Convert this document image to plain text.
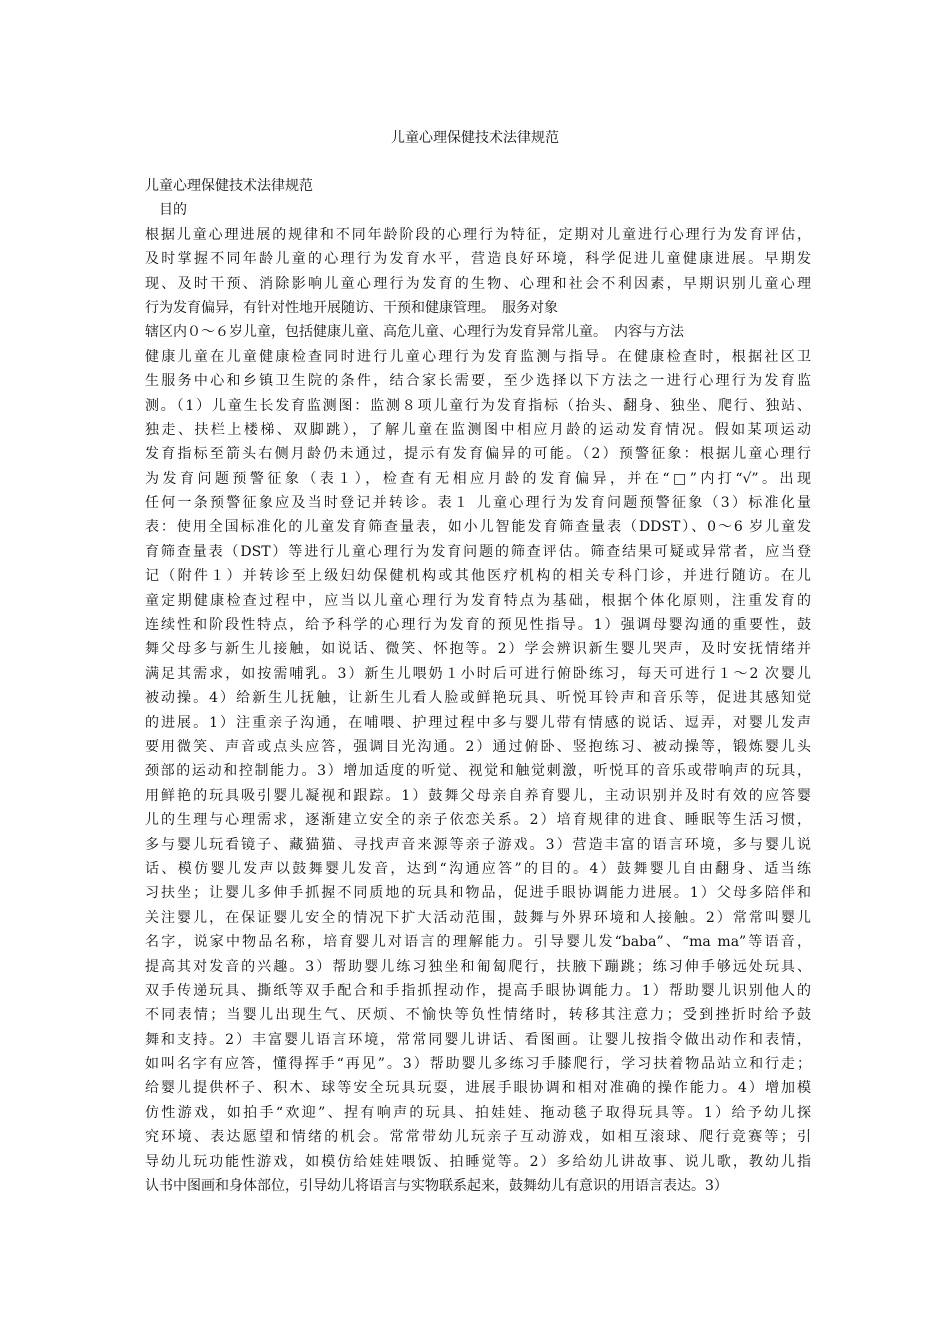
儿童心理保健技术法律规范
儿童心理保健技术法律规范
目的
根据儿童心理进展的规律和不同年龄阶段的心理行为特征，定期对儿童进行心理行为发育评估，
及时掌握不同年龄儿童的心理行为发育水平，营造良好环境，科学促进儿童健康进展。早期发
现、及时干预、消除影响儿童心理行为发育的生物、心理和社会不利因素，早期识别儿童心理
行为发育偏异，有针对性地开展随访、干预和健康管理。　服务对象
辖区内０～６岁儿童，包括健康儿童、高危儿童、心理行为发育异常儿童。　内容与方法
健康儿童在儿童健康检查同时进行儿童心理行为发育监测与指导。在健康检查时，根据社区卫
生服务中心和乡镇卫生院的条件，结合家长需要，至少选择以下方法之一进行心理行为发育监
测。（1）儿童生长发育监测图：监测８项儿童行为发育指标（抬头、翻身、独坐、爬行、独站、
独走、扶栏上楼梯、双脚跳），了解儿童在监测图中相应月龄的运动发育情况。假如某项运动
发育指标至箭头右侧月龄仍未通过，提示有发育偏异的可能。（2）预警征象：根据儿童心理行
为发育问题预警征象（表１），检查有无相应月龄的发育偏异，并在“□”内打“√”。出现
任何一条预警征象应及当时登记并转诊。表１ 儿童心理行为发育问题预警征象（3）标准化量
表：使用全国标准化的儿童发育筛查量表，如小儿智能发育筛查量表（DDST）、0～6 岁儿童发
育筛查量表（DST）等进行儿童心理行为发育问题的筛查评估。筛查结果可疑或异常者，应当登
记（附件１）并转诊至上级妇幼保健机构或其他医疗机构的相关专科门诊，并进行随访。在儿
童定期健康检查过程中，应当以儿童心理行为发育特点为基础，根据个体化原则，注重发育的
连续性和阶段性特点，给予科学的心理行为发育的预见性指导。1）强调母婴沟通的重要性，鼓
舞父母多与新生儿接触，如说话、微笑、怀抱等。2）学会辨识新生婴儿哭声，及时安抚情绪并
满足其需求，如按需哺乳。3）新生儿喂奶１小时后可进行俯卧练习，每天可进行１～2 次婴儿
被动操。4）给新生儿抚触，让新生儿看人脸或鲜艳玩具、听悦耳铃声和音乐等，促进其感知觉
的进展。1）注重亲子沟通，在哺喂、护理过程中多与婴儿带有情感的说话、逗弄，对婴儿发声
要用微笑、声音或点头应答，强调目光沟通。2）通过俯卧、竖抱练习、被动操等，锻炼婴儿头
颈部的运动和控制能力。3）增加适度的听觉、视觉和触觉刺激，听悦耳的音乐或带响声的玩具，
用鲜艳的玩具吸引婴儿凝视和跟踪。1）鼓舞父母亲自养育婴儿，主动识别并及时有效的应答婴
儿的生理与心理需求，逐渐建立安全的亲子依恋关系。2）培育规律的进食、睡眠等生活习惯，
多与婴儿玩看镜子、藏猫猫、寻找声音来源等亲子游戏。3）营造丰富的语言环境，多与婴儿说
话、模仿婴儿发声以鼓舞婴儿发音，达到“沟通应答”的目的。4）鼓舞婴儿自由翻身、适当练
习扶坐；让婴儿多伸手抓握不同质地的玩具和物品，促进手眼协调能力进展。1）父母多陪伴和
关注婴儿，在保证婴儿安全的情况下扩大活动范围，鼓舞与外界环境和人接触。2）常常叫婴儿
名字，说家中物品名称，培育婴儿对语言的理解能力。引导婴儿发“baba”、“ma ma”等语音，
提高其对发音的兴趣。3）帮助婴儿练习独坐和匍匐爬行，扶腋下蹦跳；练习伸手够远处玩具、
双手传递玩具、撕纸等双手配合和手指抓捏动作，提高手眼协调能力。1）帮助婴儿识别他人的
不同表情；当婴儿出现生气、厌烦、不愉快等负性情绪时，转移其注意力；受到挫折时给予鼓
舞和支持。2）丰富婴儿语言环境，常常同婴儿讲话、看图画。让婴儿按指令做出动作和表情，
如叫名字有应答，懂得挥手“再见”。3）帮助婴儿多练习手膝爬行，学习扶着物品站立和行走；
给婴儿提供杯子、积木、球等安全玩具玩耍，进展手眼协调和相对准确的操作能力。4）增加模
仿性游戏，如拍手“欢迎”、捏有响声的玩具、拍娃娃、拖动毯子取得玩具等。1）给予幼儿探
究环境、表达愿望和情绪的机会。常常带幼儿玩亲子互动游戏，如相互滚球、爬行竞赛等；引
导幼儿玩功能性游戏，如模仿给娃娃喂饭、拍睡觉等。2）多给幼儿讲故事、说儿歌，教幼儿指
认书中图画和身体部位，引导幼儿将语言与实物联系起来，鼓舞幼儿有意识的用语言表达。3）
